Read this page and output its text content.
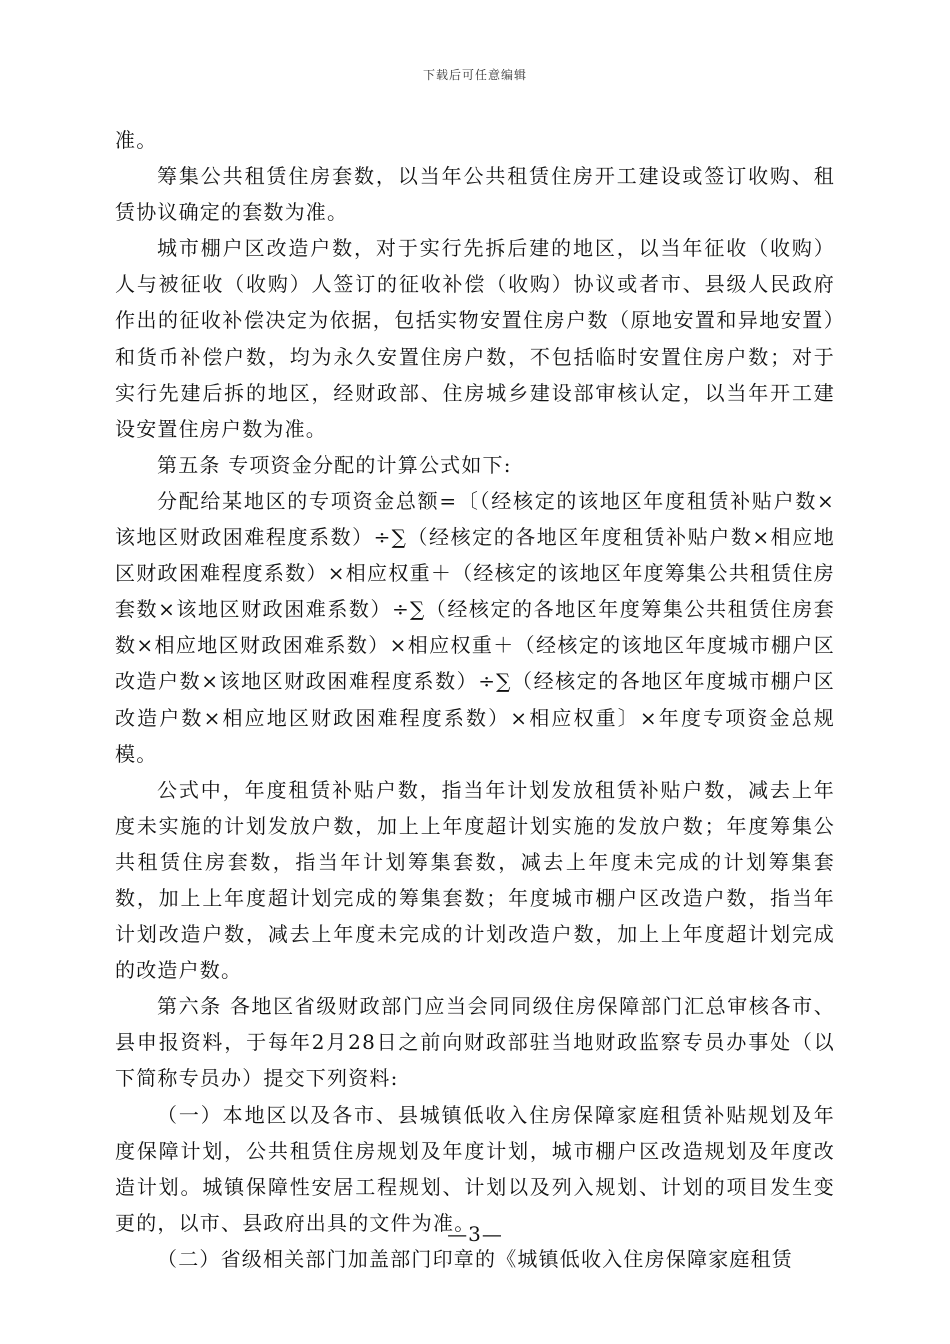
下载后可任意编辑

准。

筹集公共租赁住房套数，以当年公共租赁住房开工建设或签订收购、租赁协议确定的套数为准。

城市棚户区改造户数，对于实行先拆后建的地区，以当年征收（收购）人与被征收（收购）人签订的征收补偿（收购）协议或者市、县级人民政府作出的征收补偿决定为依据，包括实物安置住房户数（原地安置和异地安置）和货币补偿户数，均为永久安置住房户数，不包括临时安置住房户数；对于实行先建后拆的地区，经财政部、住房城乡建设部审核认定，以当年开工建设安置住房户数为准。

第五条 专项资金分配的计算公式如下:

分配给某地区的专项资金总额=〔（经核定的该地区年度租赁补贴户数×该地区财政困难程度系数）÷∑（经核定的各地区年度租赁补贴户数×相应地区财政困难程度系数）×相应权重＋（经核定的该地区年度筹集公共租赁住房套数×该地区财政困难系数）÷∑（经核定的各地区年度筹集公共租赁住房套数×相应地区财政困难系数）×相应权重＋（经核定的该地区年度城市棚户区改造户数×该地区财政困难程度系数）÷∑（经核定的各地区年度城市棚户区改造户数×相应地区财政困难程度系数）×相应权重〕×年度专项资金总规模。

公式中，年度租赁补贴户数，指当年计划发放租赁补贴户数，减去上年度未实施的计划发放户数，加上上年度超计划实施的发放户数；年度筹集公共租赁住房套数，指当年计划筹集套数，减去上年度未完成的计划筹集套数，加上上年度超计划完成的筹集套数；年度城市棚户区改造户数，指当年计划改造户数，减去上年度未完成的计划改造户数，加上上年度超计划完成的改造户数。

第六条 各地区省级财政部门应当会同同级住房保障部门汇总审核各市、县申报资料，于每年2月28日之前向财政部驻当地财政监察专员办事处（以下简称专员办）提交下列资料:

（一）本地区以及各市、县城镇低收入住房保障家庭租赁补贴规划及年度保障计划，公共租赁住房规划及年度计划，城市棚户区改造规划及年度改造计划。城镇保障性安居工程规划、计划以及列入规划、计划的项目发生变更的，以市、县政府出具的文件为准。

（二）省级相关部门加盖部门印章的《城镇低收入住房保障家庭租赁

—3—
